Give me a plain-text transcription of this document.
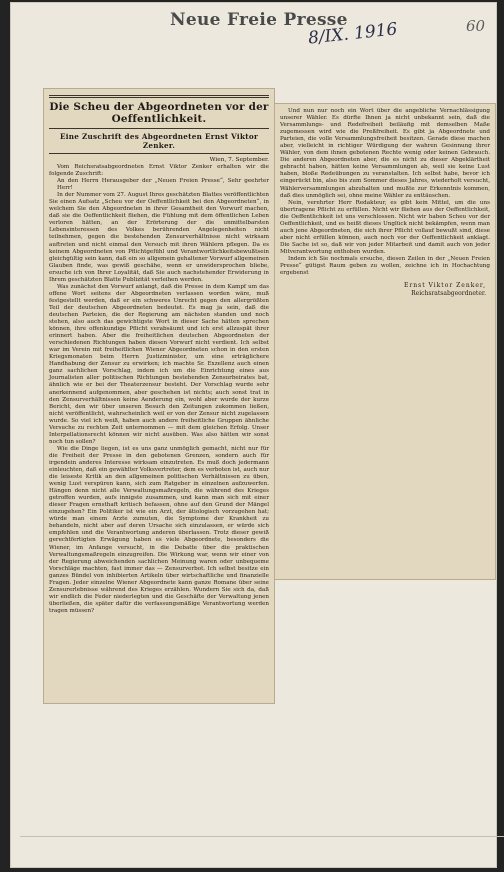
Neue Freie Presse
8/IX. 1916	60
Die Scheu der Abgeordneten vor der Oeffentlichkeit.
Eine Zuschrift des Abgeordneten Ernst Viktor Zenker.
Wien, 7. September.

Vom Reichsratsabgeordneten Ernst Viktor Zenker erhalten wir die folgende Zuschrift:

An den Herrn Herausgeber der „Neuen Freien Presse“, Sehr geehrter Herr!

In der Nummer vom 27. August Ihres geschätzten Blattes veröffentlichten Sie einen Aufsatz „Scheu vor der Oeffentlichkeit bei den Abgeordneten“, in welchem Sie den Abgeordneten in ihrer Gesamtheit den Vorwurf machen, daß sie die Oeffentlichkeit fliehen, die Fühlung mit dem öffentlichen Leben verloren hätten, an der Erörterung der die unmittelbarsten Lebensinteressen des Volkes berührenden Angelegenheiten nicht teilnehmen, gegen die bestehenden Zensurverhältnisse nicht wirksam auftreten und nicht einmal den Versuch mit ihren Wählern pflegen. Da es keinem Abgeordneten von Pflichtgefühl und Verantwortlichkeitsbewußtsein gleichgültig sein kann, daß ein so allgemein gehaltener Vorwurf allgemeinen Glauben finde, was gewiß geschähe, wenn er unwidersprochen bliebe, ersuche ich von Ihrer Loyalität, daß Sie auch nachstehender Erwiderung in Ihrem geschätzten Blatte Publizität verleihen werden.

Was zunächst den Vorwurf anlangt, daß die Presse in dem Kampf um das offene Wort seitens der Abgeordneten verlassen worden wäre, muß festgestellt werden, daß er ein schweres Unrecht gegen den allergrößten Teil der deutschen Abgeordneten bedeutet. Es mag ja sein, daß die deutschen Parteien, die der Regierung am nächsten standen und noch stehen, also auch das gewichtigste Wort in dieser Sache hätten sprechen können, ihre offenkundige Pflicht verabsäumt und ich erst allzuspät ihrer erinnert haben. Aber die freiheitlichen deutschen Abgeordneten der verschiedenen Richtungen haben diesen Vorwurf nicht verdient. Ich selbst war im Verein mit freiheitlichen Wiener Abgeordneten schon in den ersten Kriegsmonaten beim Herrn Justizminister, um eine erträglichere Handhabung der Zensur zu erwirken; ich machte Sr. Exzellenz auch einen ganz sachlichen Vorschlag, indem ich um die Einrichtung eines aus Journalisten aller politischen Richtungen bestehenden Zensurbeirates bat, ähnlich wie er bei der Theaterzensur besteht. Der Vorschlag wurde sehr anerkennend aufgenommen, aber geschehen ist nichts; auch sonst trat in den Zensurverhältnissen keine Aenderung ein, wohl aber wurde der kurze Bericht, den wir über unseren Besuch den Zeitungen zukommen ließen, nicht veröffentlicht, wahrscheinlich weil er von der Zensur nicht zugelassen wurde. So viel ich weiß, haben auch andere freiheitliche Gruppen ähnliche Versuche zu rechten Zeit unternommen — mit dem gleichen Erfolg. Unser Interpellationsrecht können wir nicht ausüben. Was also hätten wir sonst noch tun sollen?

Wie die Dinge liegen, ist es uns ganz unmöglich gemacht, nicht nur für die Freiheit der Presse in den gebotenen Grenzen, sondern auch für irgendein anderes Interesse wirksam einzutreten. Es muß doch jedermann einleuchten, daß ein gewählter Volksvertreter, dem es verboten ist, auch nur die leiseste Kritik an den allgemeinen politischen Verhältnissen zu üben, wenig Lust verspüren kann, sich zum Ratgeber in einzelnen aufzuwerfen. Hängen denn nicht alle Verwaltungsmaßregeln, die während des Krieges getroffen wurden, aufs innigste zusammen, und kann man sich mit einer dieser Fragen ernsthaft kritisch befassen, ohne auf den Grund der Mängel einzugehen? Ein Politiker ist wie ein Arzt, der ätiologisch vorzugehen hat; würde man einem Arzte zumuten, die Symptome der Krankheit zu behandeln, nicht aber auf deren Ursache sich einzulassen, er würde sich empfehlen und die Verantwortung anderen überlassen. Trotz dieser gewiß gerechtfertigten Erwägung haben es viele Abgeordnete, besonders die Wiener, im Anfange versucht, in die Debatte über die praktischen Verwaltungsmaßregeln einzugreifen. Die Wirkung war, wenn wir einer von der Regierung abweichenden sachlichen Meinung waren oder unbequeme Vorschläge machten, fast immer das — Zensurverbot. Ich selbst besitze ein ganzes Bündel von inhibierten Artikeln über wirtschaftliche und finanzielle Fragen. Jeder einzelne Wiener Abgeordnete kann ganze Romane über seine Zensurerlebnisse während des Krieges erzählen. Wundern Sie sich da, daß wir endlich die Feder niederlegten und die Geschäfte der Verwaltung jenen überließen, die später dafür die verfassungsmäßige Verantwortung werden tragen müssen?

Und nun nur noch ein Wort über die angebliche Vernachlässigung unserer Wähler. Es dürfte Ihnen ja nicht unbekannt sein, daß die Versammlungs- und Redefreiheit beiläufig mit demselben Maße zugemessen wird wie die Preßfreiheit. Es gibt ja Abgeordnete und Parteien, die volle Versammlungsfreiheit besitzen. Gerade diese machen aber, vielleicht in richtiger Würdigung der wahren Gesinnung ihrer Wähler, von dem ihnen gebotenen Rechte wenig oder keinen Gebrauch. Die anderen Abgeordneten aber, die es nicht zu dieser Abgeklärtheit gebracht haben, hätten keine Versammlungen ab, weil sie keine Lust haben, bloße Redeübungen zu veranstalten. Ich selbst habe, bevor ich eingerückt bin, also bis zum Sommer dieses Jahres, wiederholt versucht, Wählerversammlungen abzuhalten und mußte zur Erkenntnis kommen, daß dies unmöglich sei, ohne meine Wähler zu enttäuschen.

Nein, verehrter Herr Redakteur, es gibt kein Mittel, um die uns übertragene Pflicht zu erfüllen. Nicht wir fliehen aus der Oeffentlichkeit, die Oeffentlichkeit ist uns verschlossen. Nicht wir haben Scheu vor der Oeffentlichkeit, und es heißt dieses Unglück nicht bekämpfen, wenn man auch jene Abgeordneten, die sich ihrer Pflicht vollauf bewußt sind, diese aber nicht erfüllen können, auch noch vor der Oeffentlichkeit anklagt. Die Sache ist so, daß wir von jeder Mitarbeit und damit auch von jeder Mitverantwortung enthoben wurden.

Indem ich Sie nochmals ersuche, diesen Zeilen in der „Neuen Freien Presse“ gütigst Raum geben zu wollen, zeichne ich in Hochachtung ergebenst

Ernst Viktor Zenker,
Reichsratsabgeordneter.
